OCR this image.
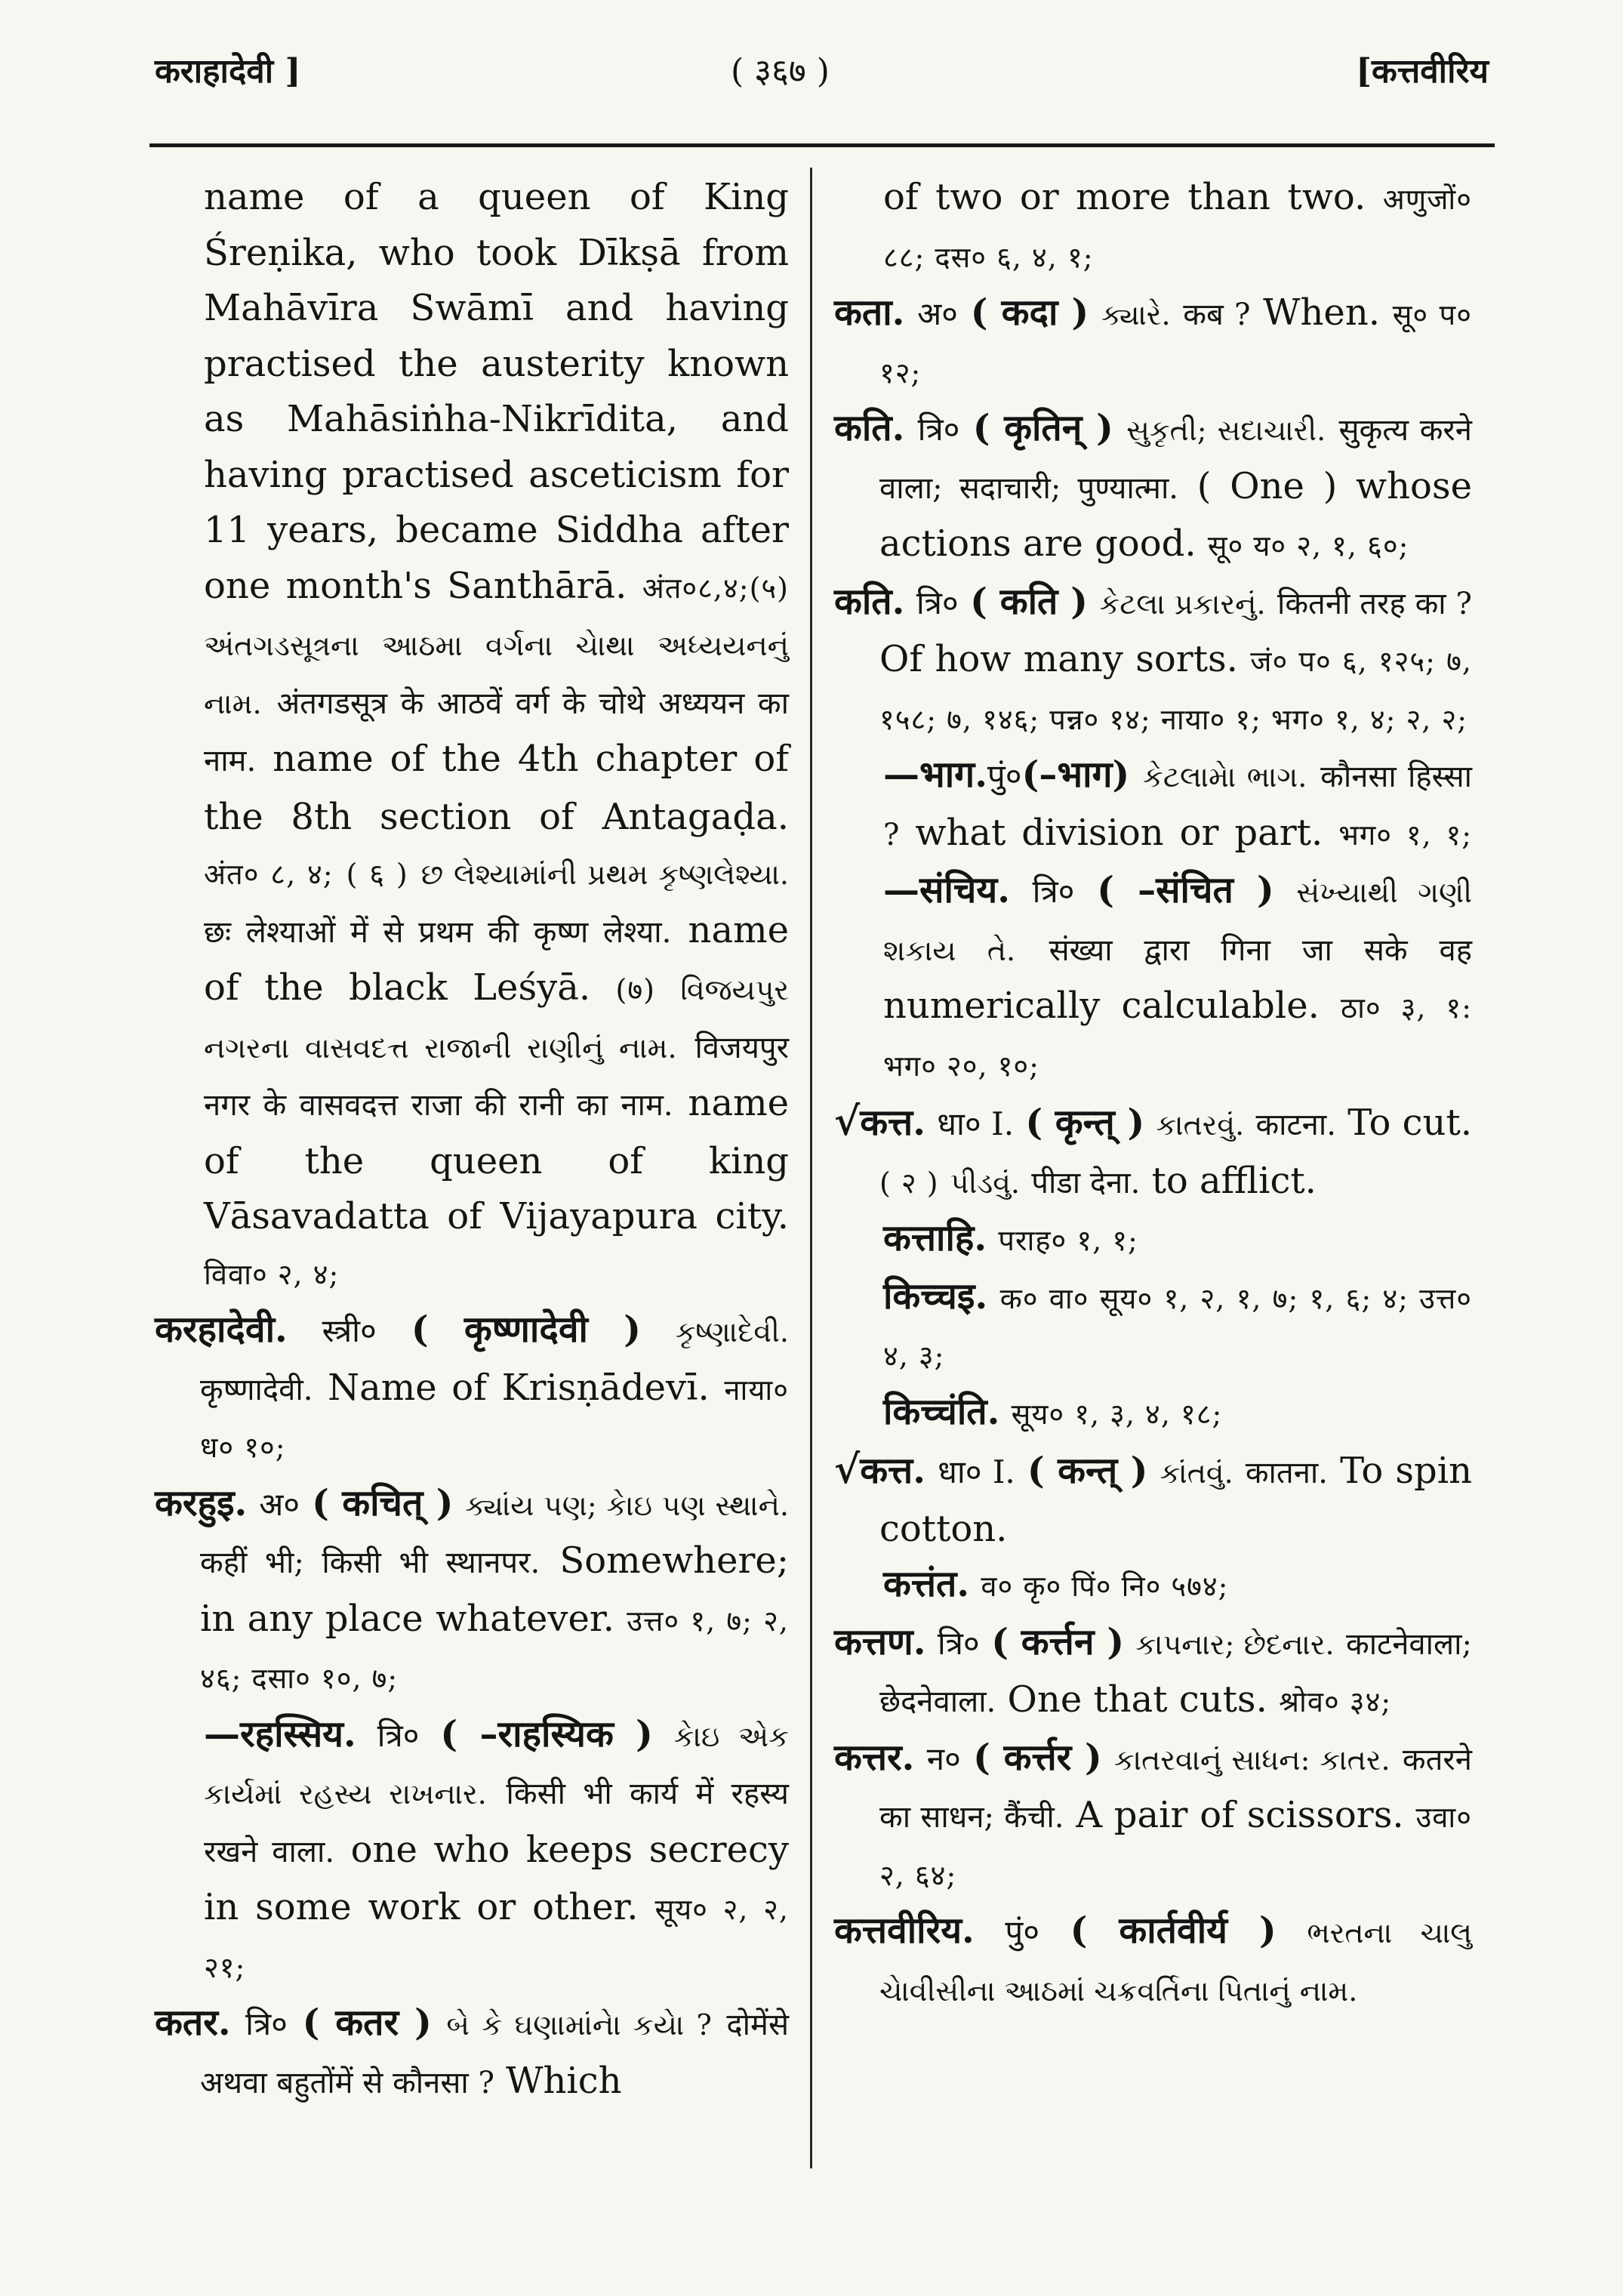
कराहादेवी ]	( ३६७ )	[कत्तवीरिय

name of a queen of King Śreṇika, who took Dīkṣā from Mahāvīra Swāmī and having practised the austerity known as Mahāsiṅha-Nikrīdita, and having practised asceticism for 11 years, became Siddha after one month's Santhārā. अंत०८,४;(५) અંતગડસૂત્રના આઠમા વર્ગના ચેાથા અધ્યયનનું નામ. अंतगडसूत्र के आठवें वर्ग के चोथे अध्ययन का नाम. name of the 4th chapter of the 8th section of Antagaḍa. अंत० ८, ४; ( ६ ) છ લેશ્યામાંની પ્રથમ કૃષ્ણલેશ્યા. छः लेश्याओं में से प्रथम की कृष्ण लेश्या. name of the black Leśyā. (७) વિજયપુર નગરના વાસવદત્ત રાજાની રાણીનું નામ. विजयपुर नगर के वासवदत्त राजा की रानी का नाम. name of the queen of king Vāsavadatta of Vijayapura city. विवा० २, ४;

करहादेवी. स्त्री० ( कृष्णादेवी ) કૃષ્ણાદેવી. कृष्णादेवी. Name of Krisṇādevī. नाया० ध० १०;

करहुइ. अ० ( कचित् ) ક્યાંય પણ; કેાઇ પણ સ્થાને. कहीं भी; किसी भी स्थानपर. Somewhere; in any place whatever. उत्त० १, ७; २, ४६; दसा० १०, ७;

—रहस्सिय. त्रि० ( –राहस्यिक ) કેાઇ એક કાર્યમાં રહસ્ય રાખનાર. किसी भी कार्य में रहस्य रखने वाला. one who keeps secrecy in some work or other. सूय० २, २, २१;

कतर. त्रि० ( कतर ) બે કે ઘણામાંનેા કયેા ? दोमेंसे अथवा बहुतोंमें से कौनसा ? Which

of two or more than two. अणुजों० ८८; दस० ६, ४, १;

कता. अ० ( कदा ) ક્યારે. कब ? When. सू० प० १२;

कति. त्रि० ( कृतिन् ) સુકૃતી; સદાચારી. सुकृत्य करने वाला; सदाचारी; पुण्यात्मा. ( One ) whose actions are good. सू० य० २, १, ६०;

कति. त्रि० ( कति ) કેટલા પ્રકારનું. कितनी तरह का ? Of how many sorts. जं० प० ६, १२५; ७, १५८; ७, १४६; पन्न० १४; नाया० १; भग० १, ४; २, २;

—भाग.पुं०(–भाग) કેટલામેા ભાગ. कौनसा हिस्सा ? what division or part. भग० १, १; —संचिय. त्रि० ( –संचित ) સંખ્યાથી ગણી શકાય તે. संख्या द्वारा गिना जा सके वह numerically calculable. ठा० ३, १: भग० २०, १०;

√कत्त. धा० I. ( कृन्त् ) કાતરવું. काटना. To cut. ( २ ) પીડવું. पीडा देना. to afflict.

कत्ताहि. पराह० १, १;

किच्चइ. क० वा० सूय० १, २, १, ७; १, ६; ४; उत्त० ४, ३;

किच्चंति. सूय० १, ३, ४, १८;

√कत्त. धा० I. ( कन्त् ) કાંતવું. कातना. To spin cotton.

कत्तंत. व० कृ० पिं० नि० ५७४;

कत्तण. त्रि० ( कर्त्तन ) કાપનાર; છેદનાર. काटनेवाला; छेदनेवाला. One that cuts. श्रोव० ३४;

कत्तर. न० ( कर्त्तर ) કાતરવાનું સાધન: કાતર. कतरने का साधन; कैंची. A pair of scissors. उवा० २, ६४;

कत्तवीरिय. पुं० ( कार्तवीर्य ) ભરતના ચાલુ ચેાવીસીના આઠમાં ચક્રવર્તિના પિતાનું નામ.
